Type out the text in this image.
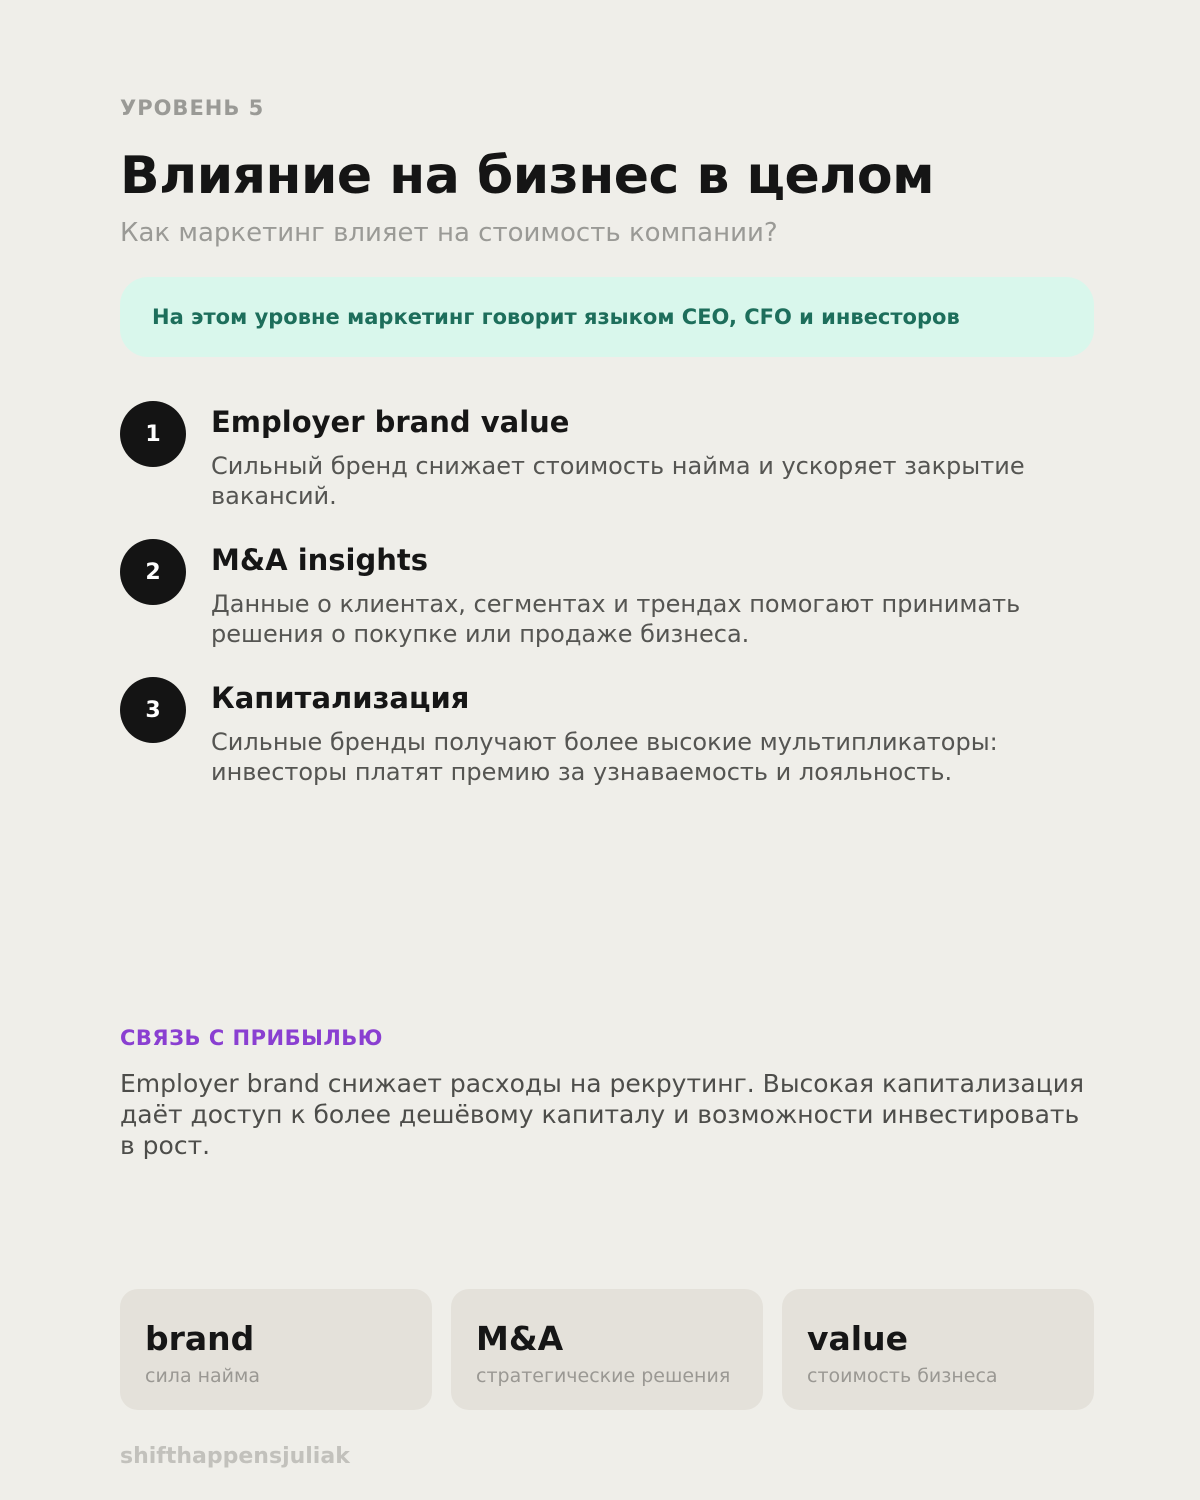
УРОВЕНЬ 5
Влияние на бизнес в целом
Как маркетинг влияет на стоимость компании?
На этом уровне маркетинг говорит языком CEO, CFO и инвесторов
1	Employer brand value
Сильный бренд снижает стоимость найма и ускоряет закрытие вакансий.
2	M&A insights
Данные о клиентах, сегментах и трендах помогают принимать решения о покупке или продаже бизнеса.
3	Капитализация
Сильные бренды получают более высокие мультипликаторы: инвесторы платят премию за узнаваемость и лояльность.
СВЯЗЬ С ПРИБЫЛЬЮ
Employer brand снижает расходы на рекрутинг. Высокая капитализация даёт доступ к более дешёвому капиталу и возможности инвестировать в рост.
brand
сила найма
M&A
стратегические решения
value
стоимость бизнеса
shifthappensjuliak
